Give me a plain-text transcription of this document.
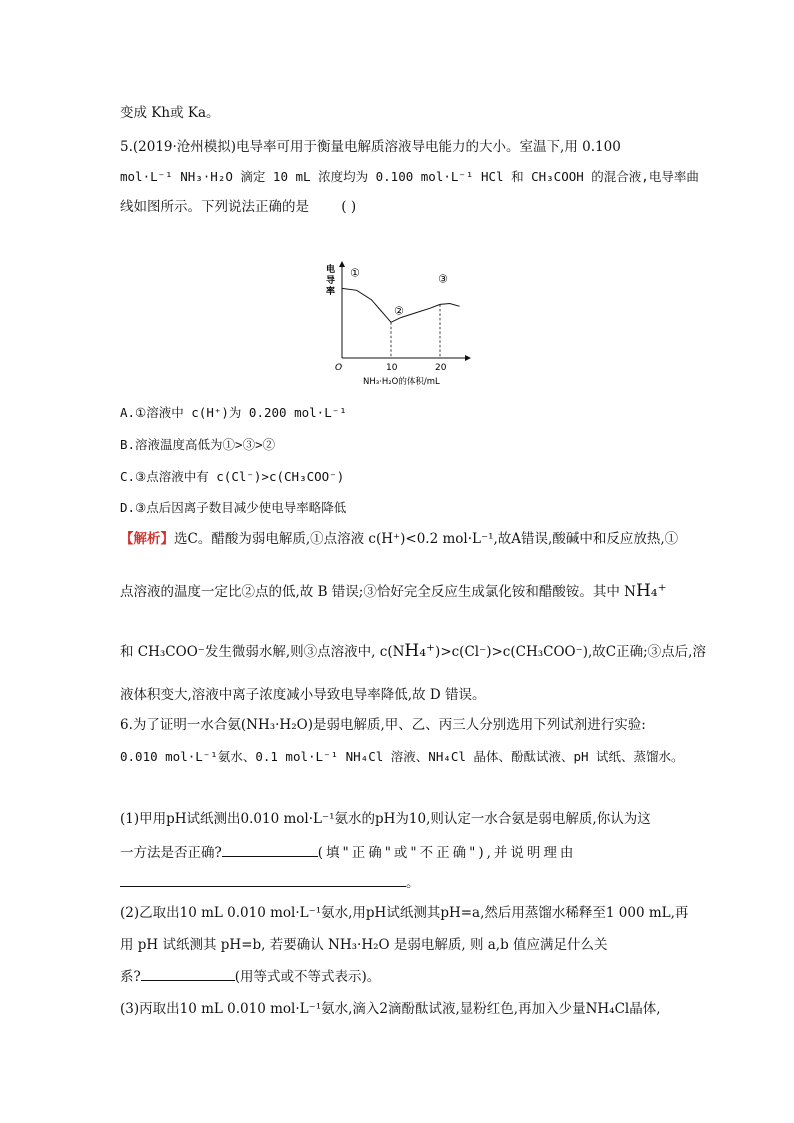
变成 Kh或 Ka。
5.(2019·沧州模拟)电导率可用于衡量电解质溶液导电能力的大小。室温下,用 0.100
mol·L⁻¹ NH₃·H₂O 滴定 10 mL 浓度均为 0.100 mol·L⁻¹ HCl 和 CH₃COOH 的混合液,电导率曲
线如图所示。下列说法正确的是 ( )
电
导
率
O	10	20
①
②
③
NH₃·H₂O的体积/mL
A.①溶液中 c(H⁺)为 0.200 mol·L⁻¹
B.溶液温度高低为①>③>②
C.③点溶液中有 c(Cl⁻)>c(CH₃COO⁻)
D.③点后因离子数目减少使电导率略降低
【解析】选C。醋酸为弱电解质,①点溶液 c(H⁺)<0.2 mol·L⁻¹,故A错误,酸碱中和反应放热,①
点溶液的温度一定比②点的低,故 B 错误;③恰好完全反应生成氯化铵和醋酸铵。其中 NH₄⁺
和 CH₃COO⁻发生微弱水解,则③点溶液中, c(NH₄⁺)>c(Cl⁻)>c(CH₃COO⁻),故C正确;③点后,溶
液体积变大,溶液中离子浓度减小导致电导率降低,故 D 错误。
6.为了证明一水合氨(NH₃·H₂O)是弱电解质,甲、乙、丙三人分别选用下列试剂进行实验:
0.010 mol·L⁻¹氨水、0.1 mol·L⁻¹ NH₄Cl 溶液、NH₄Cl 晶体、酚酞试液、pH 试纸、蒸馏水。
(1)甲用pH试纸测出0.010 mol·L⁻¹氨水的pH为10,则认定一水合氨是弱电解质,你认为这
一方法是否正确?	(填"正确"或"不正确"),并说明理由
。
(2)乙取出10 mL 0.010 mol·L⁻¹氨水,用pH试纸测其pH=a,然后用蒸馏水稀释至1 000 mL,再
用 pH 试纸测其 pH=b, 若要确认 NH₃·H₂O 是弱电解质, 则 a,b 值应满足什么关
系?	(用等式或不等式表示)。
(3)丙取出10 mL 0.010 mol·L⁻¹氨水,滴入2滴酚酞试液,显粉红色,再加入少量NH₄Cl晶体,
